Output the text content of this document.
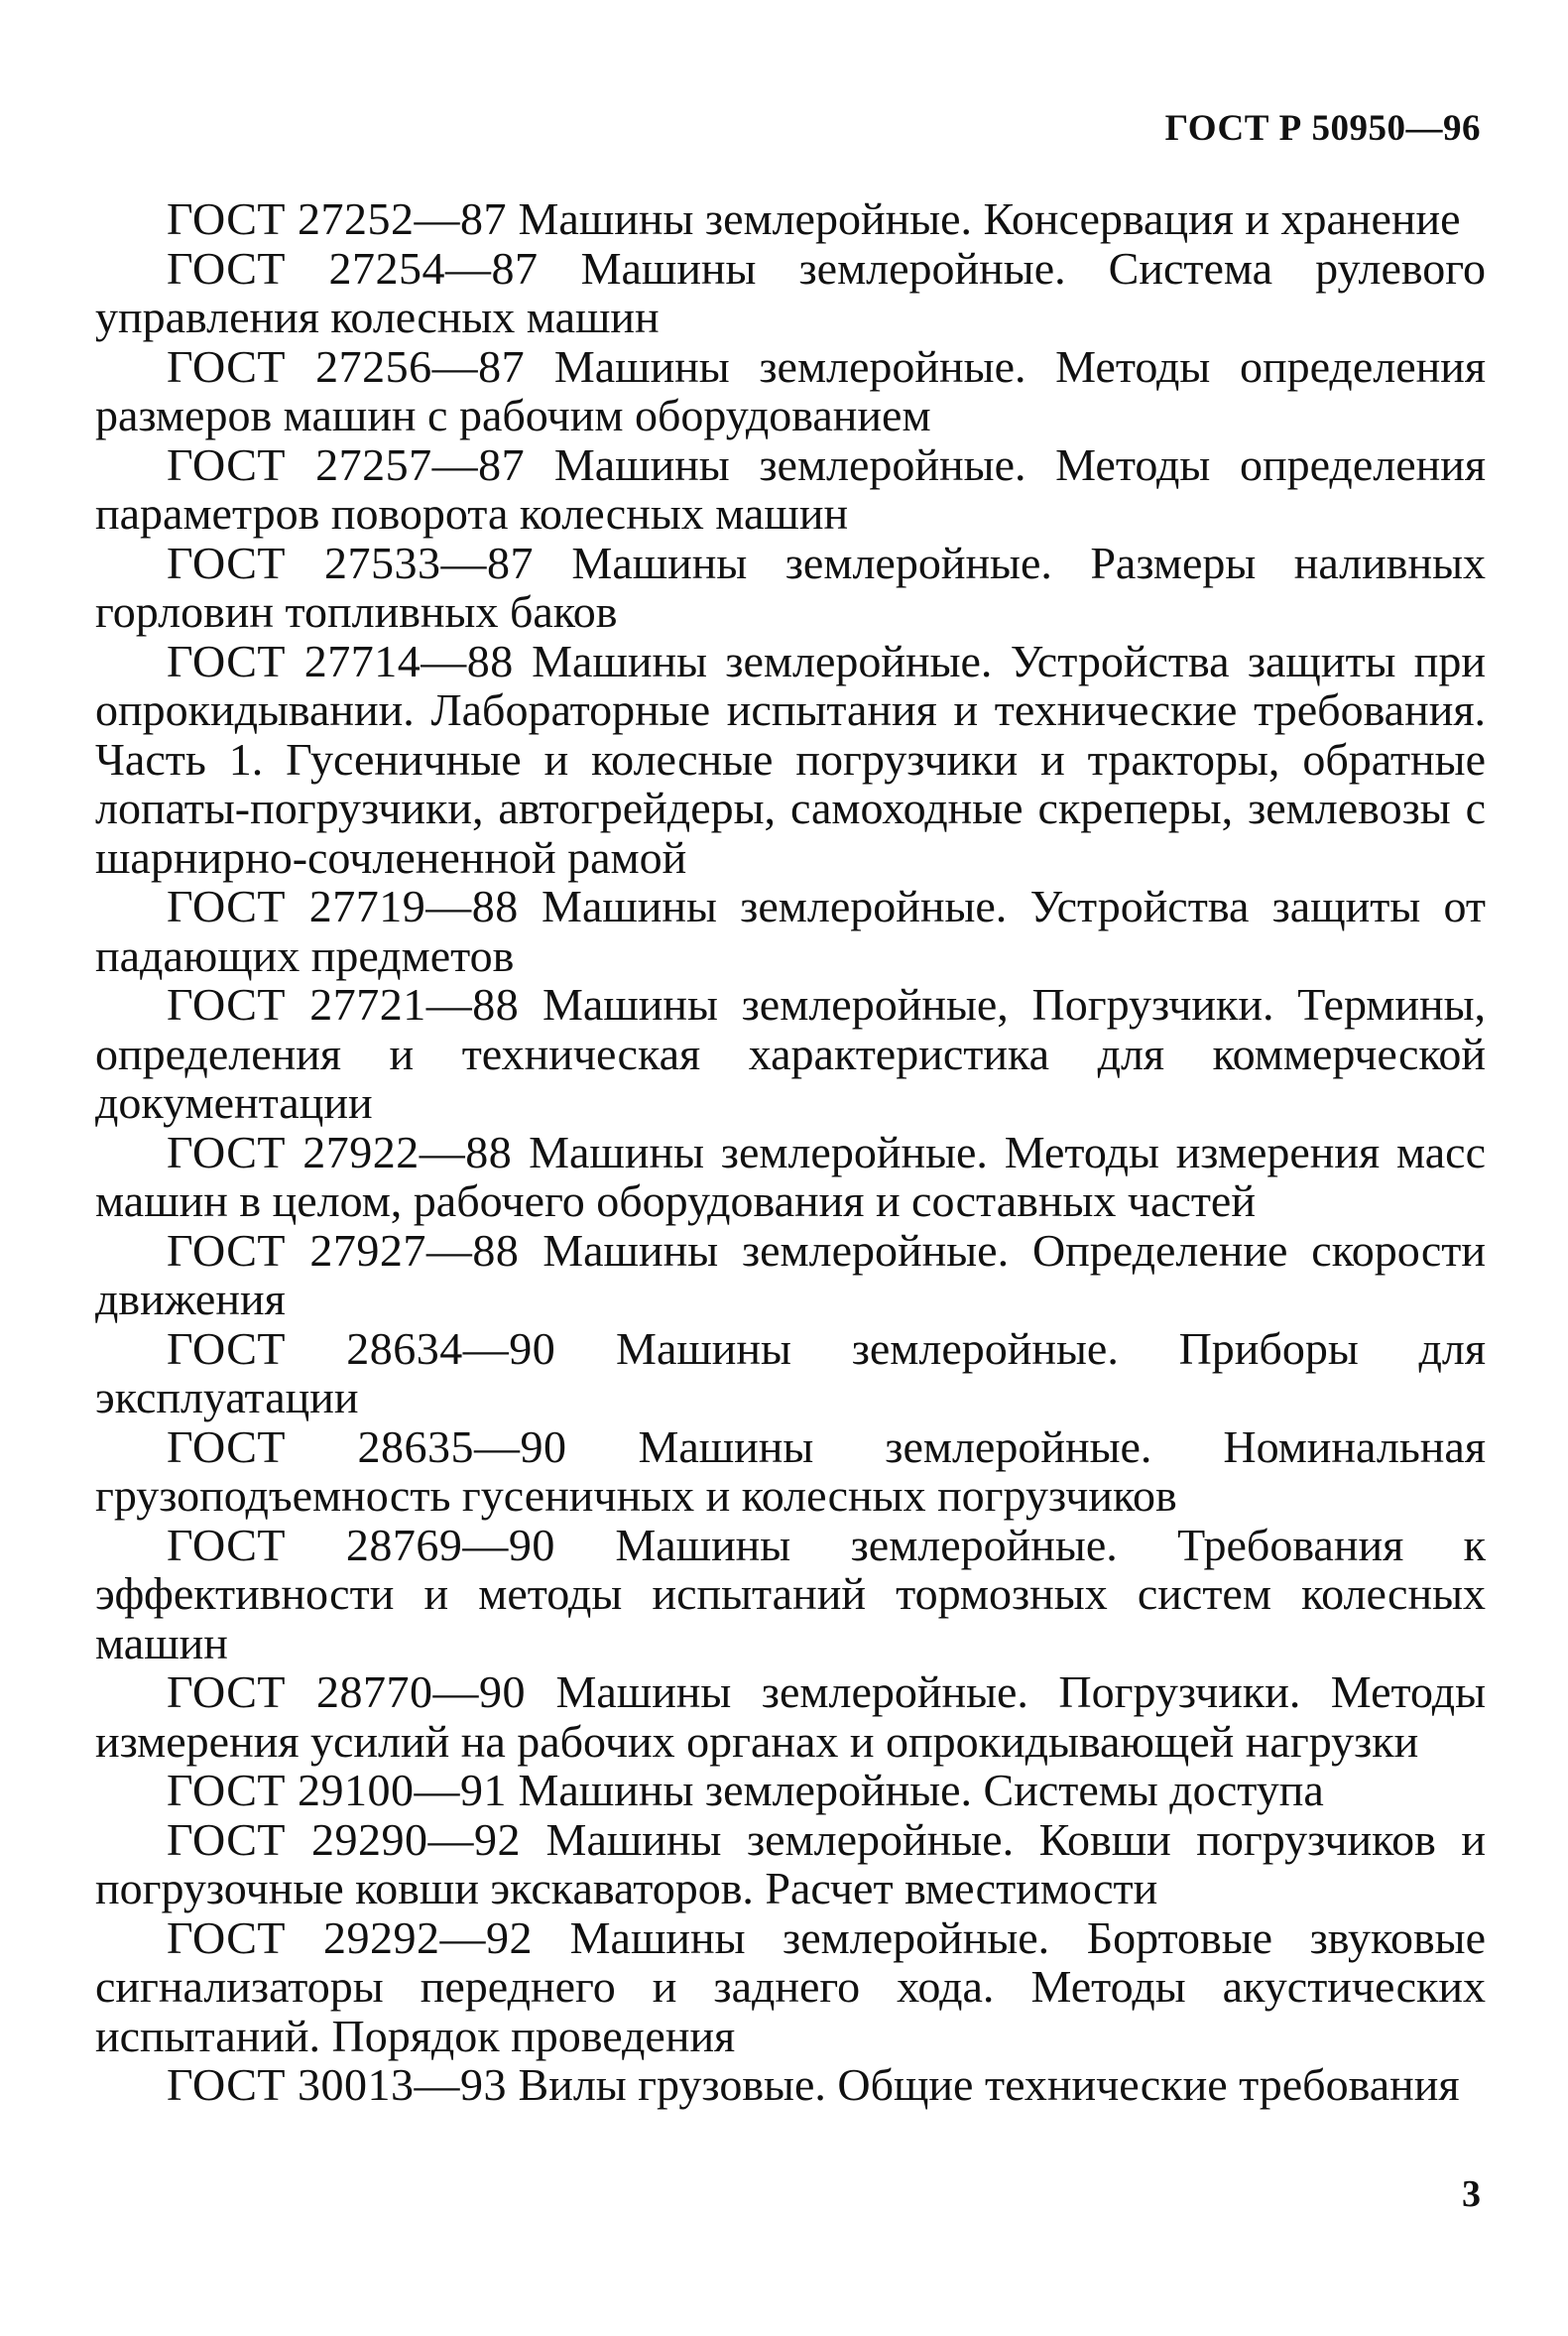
ГОСТ Р 50950—96

ГОСТ 27252—87 Машины землеройные. Консервация и хранение

ГОСТ 27254—87 Машины землеройные. Система рулевого управления колесных машин

ГОСТ 27256—87 Машины землеройные. Методы определения размеров машин с рабочим оборудованием

ГОСТ 27257—87 Машины землеройные. Методы определения параметров поворота колесных машин

ГОСТ 27533—87 Машины землеройные. Размеры наливных горловин топливных баков

ГОСТ 27714—88 Машины землеройные. Устройства защиты при опрокидывании. Лабораторные испытания и технические требования. Часть 1. Гусеничные и колесные погрузчики и тракторы, обратные лопаты-погрузчики, автогрейдеры, самоходные скреперы, землевозы с шарнирно-сочлененной рамой

ГОСТ 27719—88 Машины землеройные. Устройства защиты от падающих предметов

ГОСТ 27721—88 Машины землеройные, Погрузчики. Термины, определения и техническая характеристика для коммерческой документации

ГОСТ 27922—88 Машины землеройные. Методы измерения масс машин в целом, рабочего оборудования и составных частей

ГОСТ 27927—88 Машины землеройные. Определение скорости движения

ГОСТ 28634—90 Машины землеройные. Приборы для эксплуатации

ГОСТ 28635—90 Машины землеройные. Номинальная грузоподъемность гусеничных и колесных погрузчиков

ГОСТ 28769—90 Машины землеройные. Требования к эффективности и методы испытаний тормозных систем колесных машин

ГОСТ 28770—90 Машины землеройные. Погрузчики. Методы измерения усилий на рабочих органах и опрокидывающей нагрузки

ГОСТ 29100—91 Машины землеройные. Системы доступа

ГОСТ 29290—92 Машины землеройные. Ковши погрузчиков и погрузочные ковши экскаваторов. Расчет вместимости

ГОСТ 29292—92 Машины землеройные. Бортовые звуковые сигнализаторы переднего и заднего хода. Методы акустических испытаний. Порядок проведения

ГОСТ 30013—93 Вилы грузовые. Общие технические требования

3
